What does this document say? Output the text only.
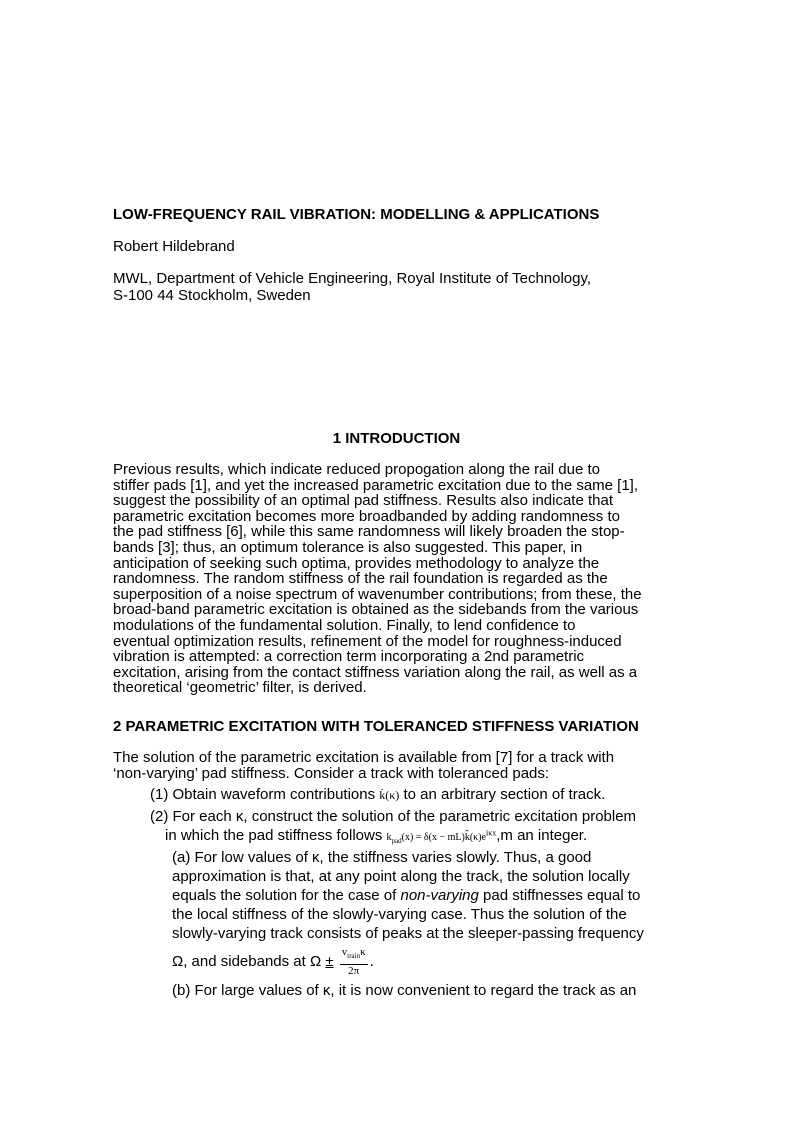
LOW-FREQUENCY RAIL VIBRATION: MODELLING & APPLICATIONS
Robert Hildebrand
MWL, Department of Vehicle Engineering, Royal Institute of Technology,
S-100 44 Stockholm, Sweden
1 INTRODUCTION
Previous results, which indicate reduced propogation along the rail due to
stiffer pads [1], and yet the increased parametric excitation due to the same [1],
suggest the possibility of an optimal pad stiffness. Results also indicate that
parametric excitation becomes more broadbanded by adding randomness to
the pad stiffness [6], while this same randomness will likely broaden the stop-
bands [3]; thus, an optimum tolerance is also suggested. This paper, in
anticipation of seeking such optima, provides methodology to analyze the
randomness. The random stiffness of the rail foundation is regarded as the
superposition of a noise spectrum of wavenumber contributions; from these, the
broad-band parametric excitation is obtained as the sidebands from the various
modulations of the fundamental solution. Finally, to lend confidence to
eventual optimization results, refinement of the model for roughness-induced
vibration is attempted: a correction term incorporating a 2nd parametric
excitation, arising from the contact stiffness variation along the rail, as well as a
theoretical ‘geometric’ filter, is derived.
2 PARAMETRIC EXCITATION WITH TOLERANCED STIFFNESS VARIATION
The solution of the parametric excitation is available from [7] for a track with
‘non-varying’ pad stiffness. Consider a track with toleranced pads:
(1) Obtain waveform contributions k̇(κ) to an arbitrary section of track.
(2) For each κ, construct the solution of the parametric excitation problem
in which the pad stiffness follows $k_{pad}(x) = \delta(x$ − $mL)k̂(\kappa)e^{i\kappa x},m$ an integer.
(a) For low values of κ, the stiffness varies slowly. Thus, a good
approximation is that, at any point along the track, the solution locally
equals the solution for the case of non-varying pad stiffnesses equal to
the local stiffness of the slowly-varying case. Thus the solution of the
slowly-varying track consists of peaks at the sleeper-passing frequency
Ω, and sidebands at $\Omega \pm \frac{v_{train}\kappa}{2\pi}$ .
(b) For large values of κ, it is now convenient to regard the track as an
